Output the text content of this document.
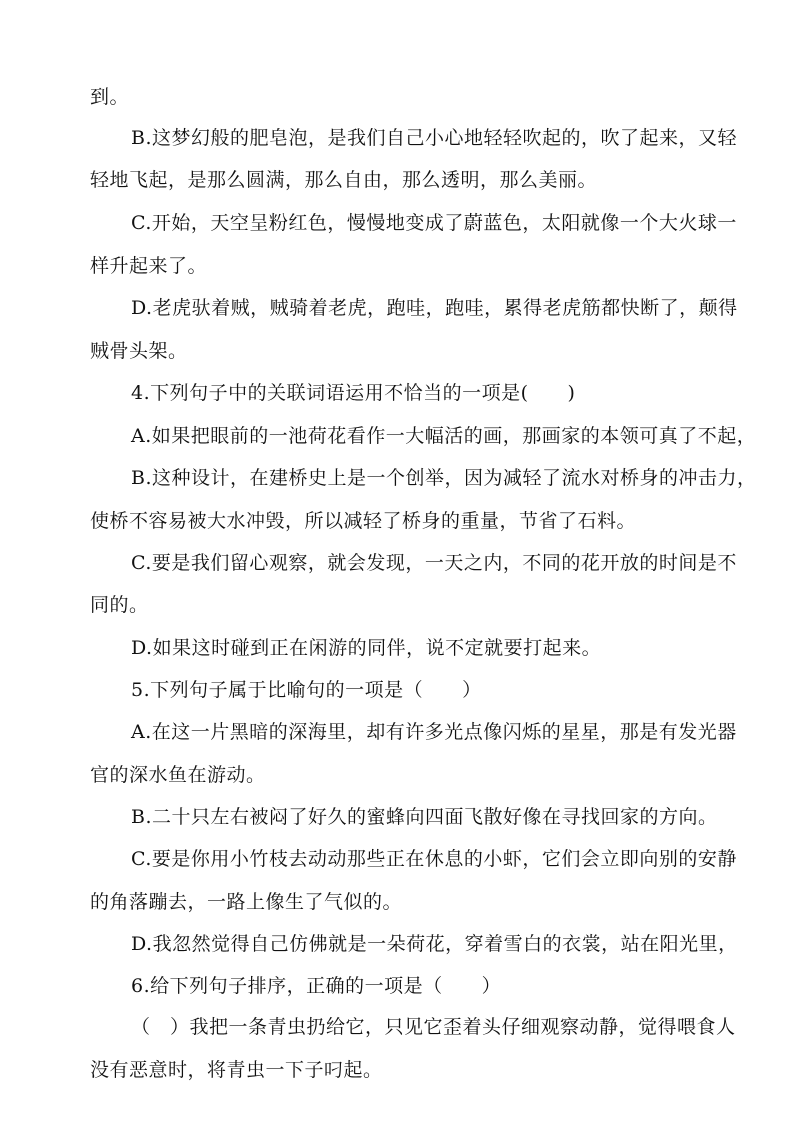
到。
B.这梦幻般的肥皂泡，是我们自己小心地轻轻吹起的，吹了起来，又轻
轻地飞起，是那么圆满，那么自由，那么透明，那么美丽。
C.开始，天空呈粉红色，慢慢地变成了蔚蓝色，太阳就像一个大火球一
样升起来了。
D.老虎驮着贼，贼骑着老虎，跑哇，跑哇，累得老虎筋都快断了，颠得
贼骨头架。
4.下列句子中的关联词语运用不恰当的一项是(　　)
A.如果把眼前的一池荷花看作一大幅活的画，那画家的本领可真了不起，
B.这种设计，在建桥史上是一个创举，因为减轻了流水对桥身的冲击力，
使桥不容易被大水冲毁，所以减轻了桥身的重量，节省了石料。
C.要是我们留心观察，就会发现，一天之内，不同的花开放的时间是不
同的。
D.如果这时碰到正在闲游的同伴，说不定就要打起来。
5.下列句子属于比喻句的一项是（　　）
A.在这一片黑暗的深海里，却有许多光点像闪烁的星星，那是有发光器
官的深水鱼在游动。
B.二十只左右被闷了好久的蜜蜂向四面飞散好像在寻找回家的方向。
C.要是你用小竹枝去动动那些正在休息的小虾，它们会立即向别的安静
的角落蹦去，一路上像生了气似的。
D.我忽然觉得自己仿佛就是一朵荷花，穿着雪白的衣裳，站在阳光里，
6.给下列句子排序，正确的一项是（　　）
（　）我把一条青虫扔给它，只见它歪着头仔细观察动静，觉得喂食人
没有恶意时，将青虫一下子叼起。
